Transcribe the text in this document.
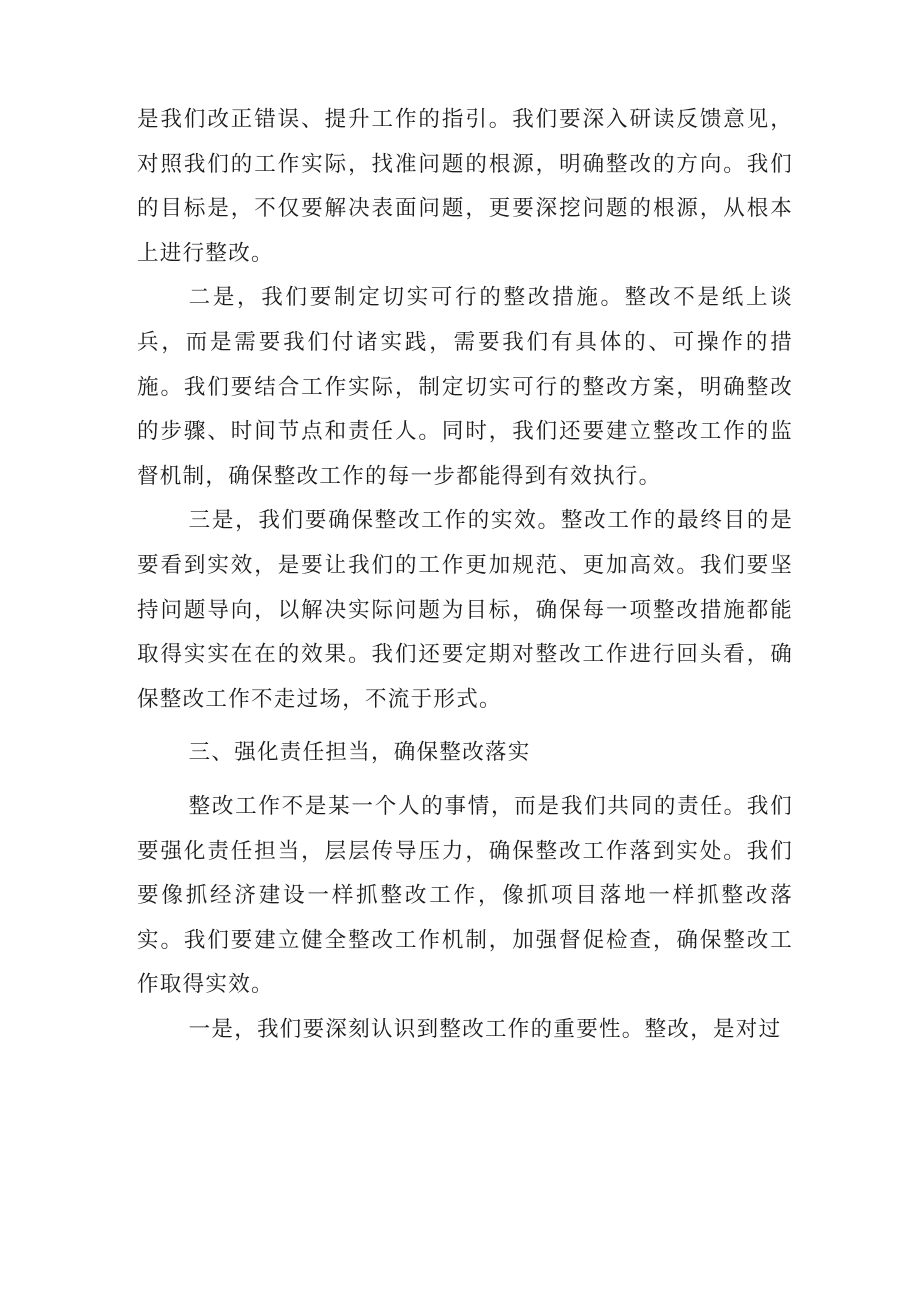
是我们改正错误、提升工作的指引。我们要深入研读反馈意见，对照我们的工作实际，找准问题的根源，明确整改的方向。我们的目标是，不仅要解决表面问题，更要深挖问题的根源，从根本上进行整改。

二是，我们要制定切实可行的整改措施。整改不是纸上谈兵，而是需要我们付诸实践，需要我们有具体的、可操作的措施。我们要结合工作实际，制定切实可行的整改方案，明确整改的步骤、时间节点和责任人。同时，我们还要建立整改工作的监督机制，确保整改工作的每一步都能得到有效执行。

三是，我们要确保整改工作的实效。整改工作的最终目的是要看到实效，是要让我们的工作更加规范、更加高效。我们要坚持问题导向，以解决实际问题为目标，确保每一项整改措施都能取得实实在在的效果。我们还要定期对整改工作进行回头看，确保整改工作不走过场，不流于形式。

三、强化责任担当，确保整改落实

整改工作不是某一个人的事情，而是我们共同的责任。我们要强化责任担当，层层传导压力，确保整改工作落到实处。我们要像抓经济建设一样抓整改工作，像抓项目落地一样抓整改落实。我们要建立健全整改工作机制，加强督促检查，确保整改工作取得实效。

一是，我们要深刻认识到整改工作的重要性。整改，是对过
